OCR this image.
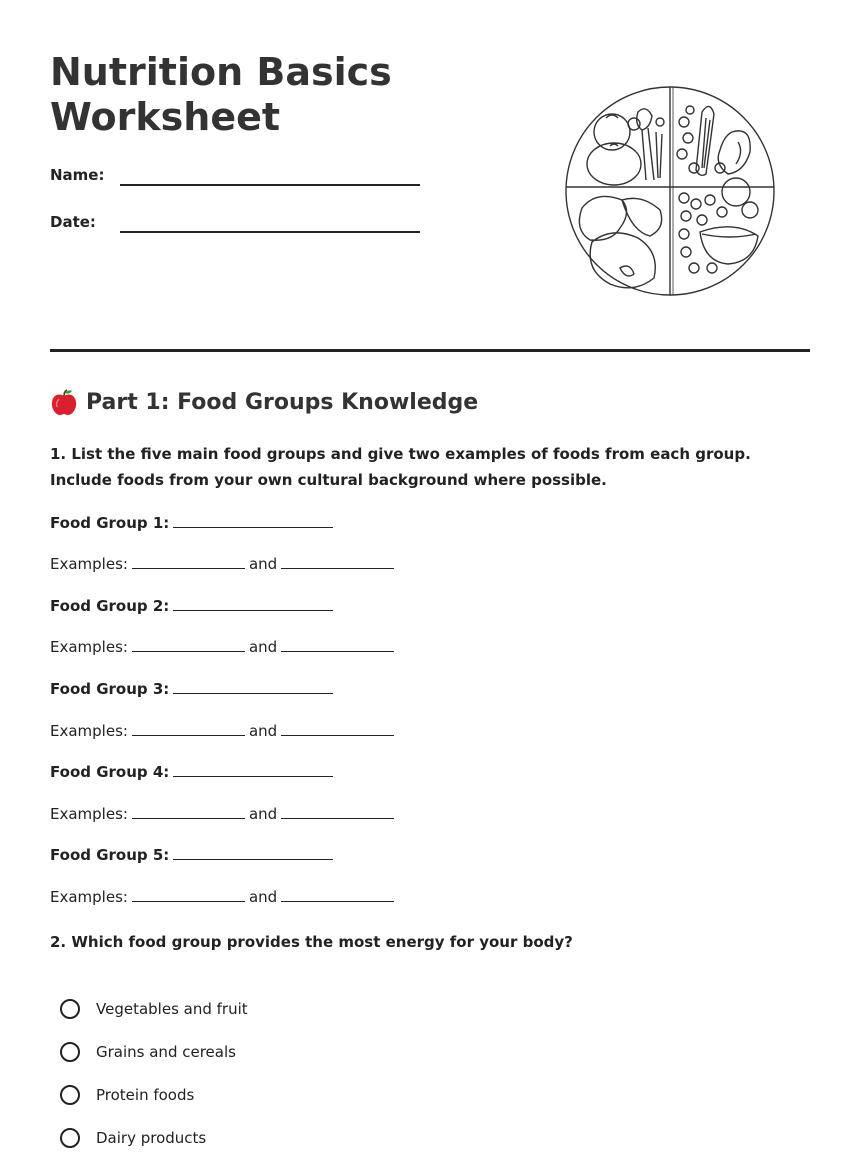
Nutrition Basics
Worksheet
Name:
Date:
Part 1: Food Groups Knowledge

1. List the five main food groups and give two examples of foods from each group. Include foods from your own cultural background where possible.

Food Group 1:
Examples:	and
Food Group 2:
Examples:	and
Food Group 3:
Examples:	and
Food Group 4:
Examples:	and
Food Group 5:
Examples:	and

2. Which food group provides the most energy for your body?

Vegetables and fruit
Grains and cereals
Protein foods
Dairy products
